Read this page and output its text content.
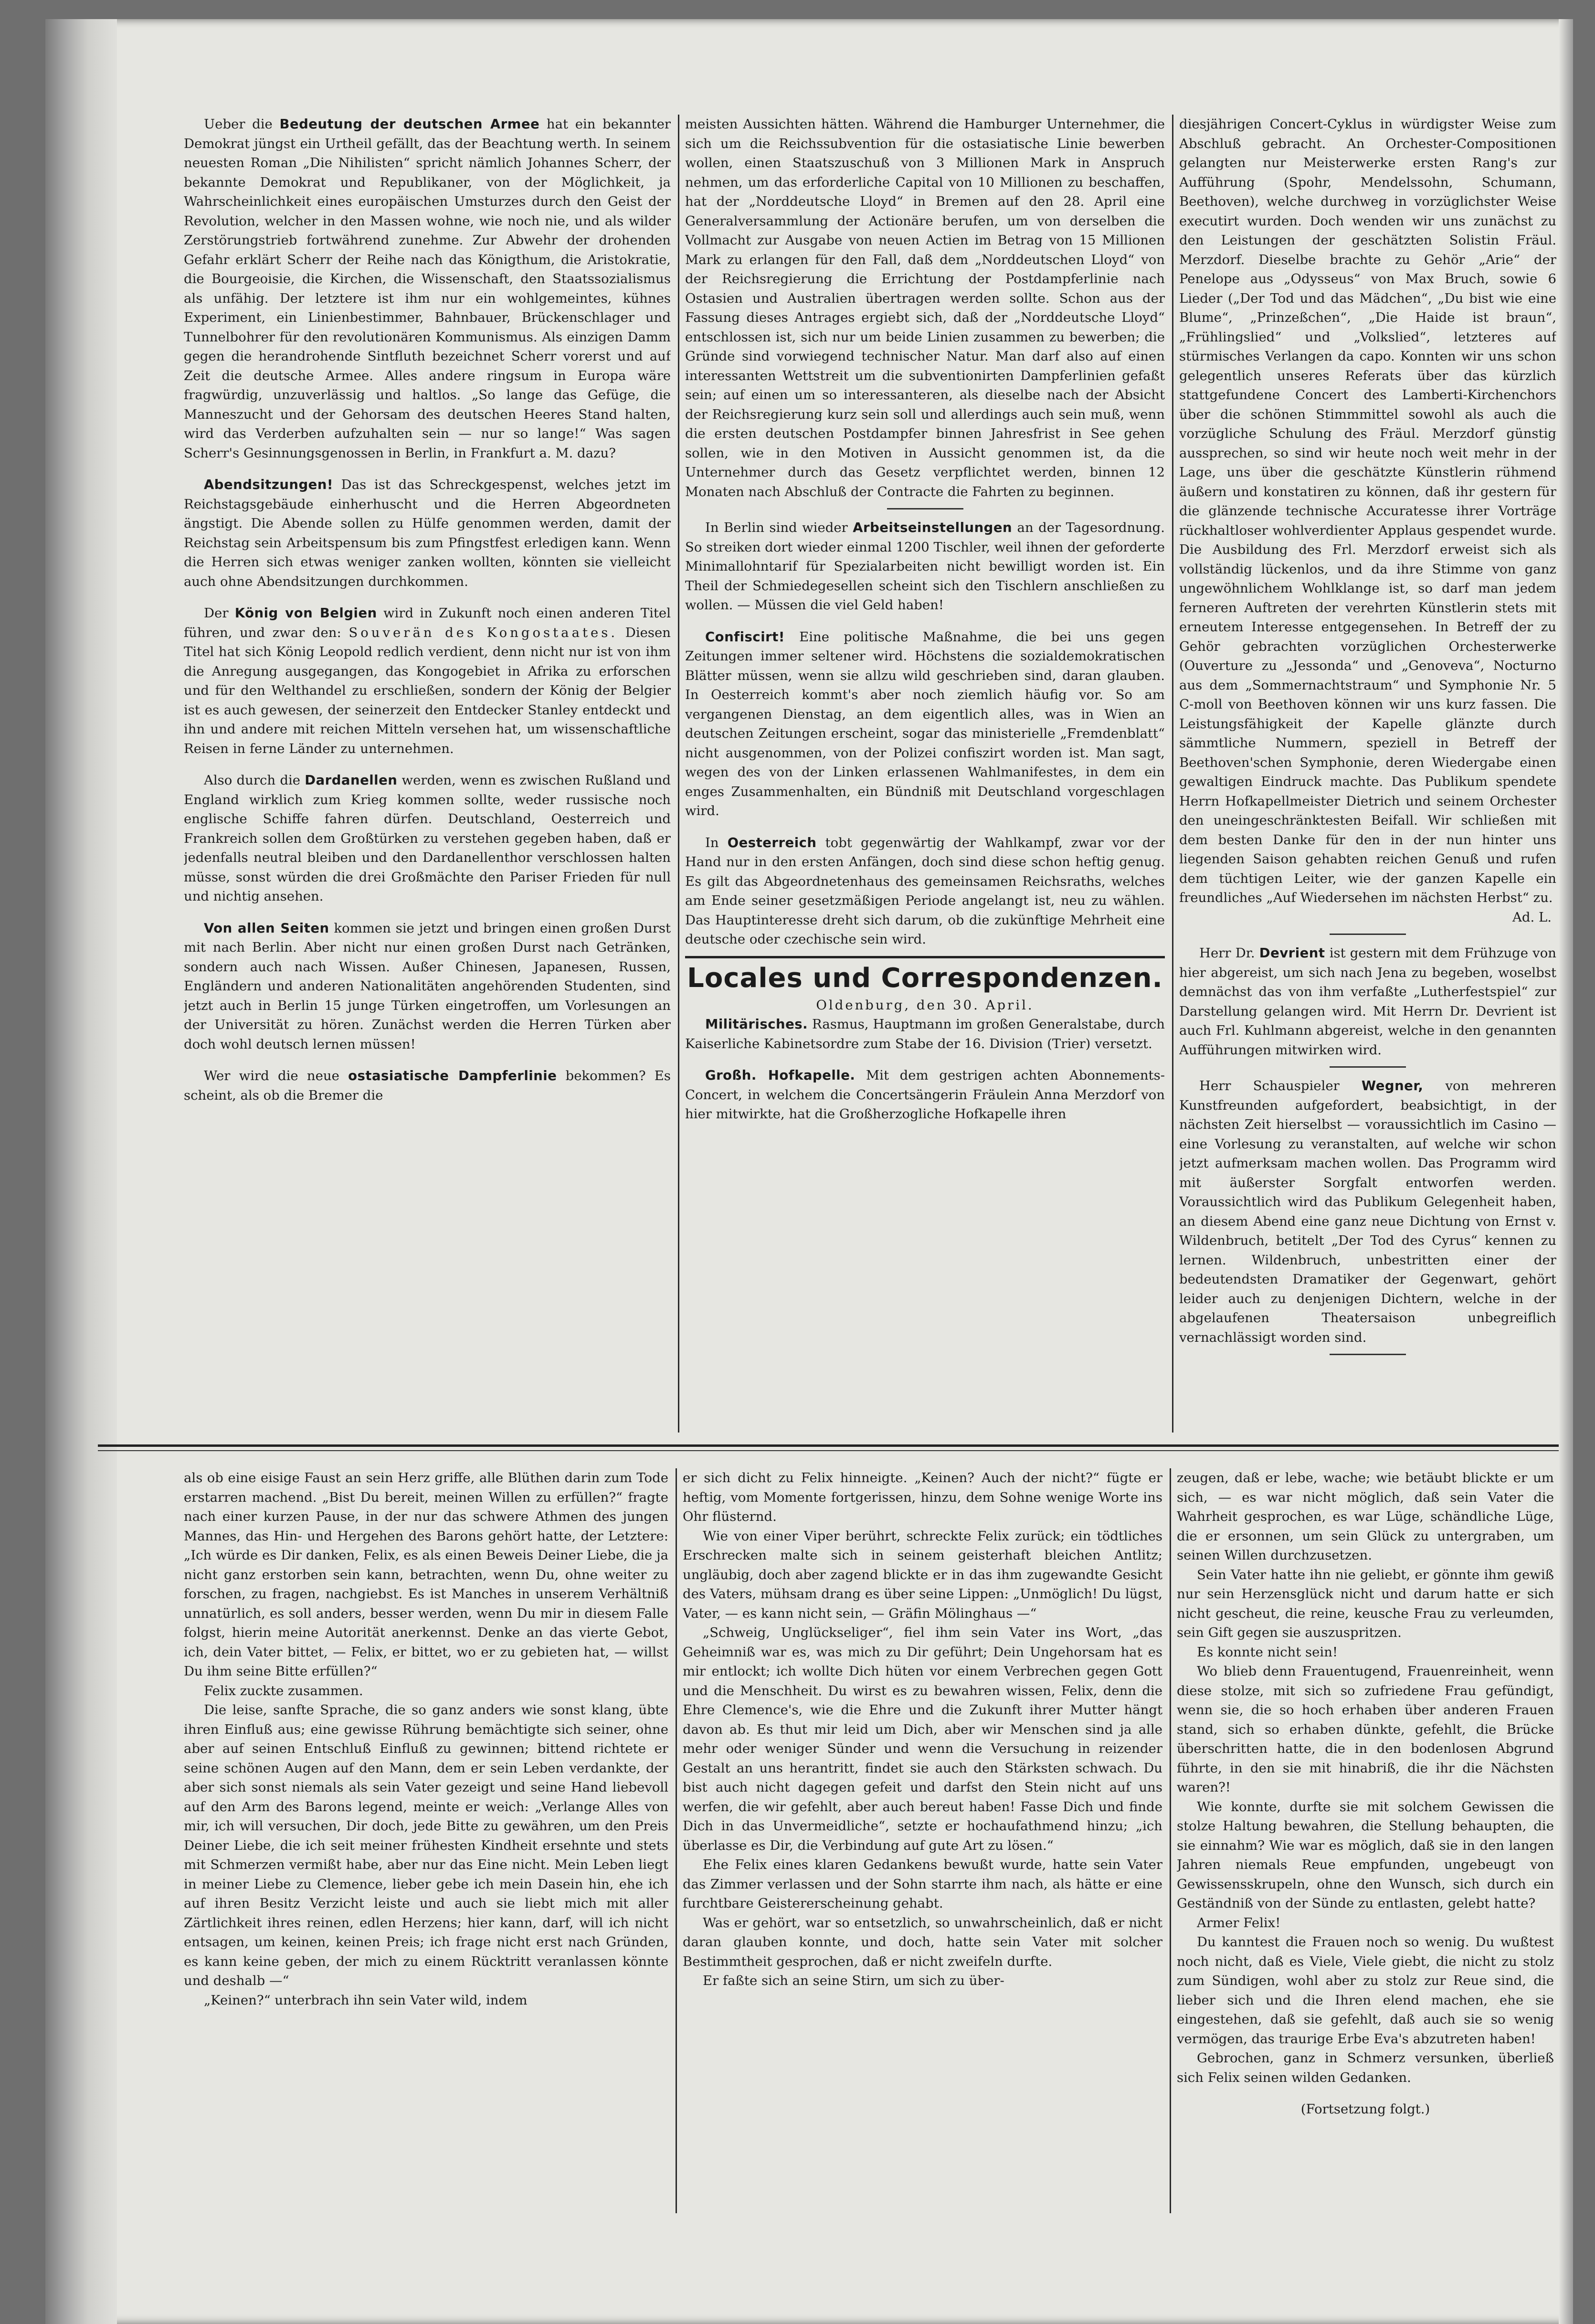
Ueber die Bedeutung der deutschen Armee hat ein bekannter Demokrat jüngst ein Urtheil gefällt, das der Beachtung werth. In seinem neuesten Roman „Die Nihilisten“ spricht nämlich Johannes Scherr, der bekannte Demokrat und Republikaner, von der Möglichkeit, ja Wahrscheinlichkeit eines europäischen Umsturzes durch den Geist der Revolution, welcher in den Massen wohne, wie noch nie, und als wilder Zerstörungstrieb fortwährend zunehme. Zur Abwehr der drohenden Gefahr erklärt Scherr der Reihe nach das Königthum, die Aristokratie, die Bourgeoisie, die Kirchen, die Wissenschaft, den Staatssozialismus als unfähig. Der letztere ist ihm nur ein wohlgemeintes, kühnes Experiment, ein Linienbestimmer, Bahnbauer, Brückenschlager und Tunnelbohrer für den revolutionären Kommunismus. Als einzigen Damm gegen die herandrohende Sintfluth bezeichnet Scherr vorerst und auf Zeit die deutsche Armee. Alles andere ringsum in Europa wäre fragwürdig, unzuverlässig und haltlos. „So lange das Gefüge, die Manneszucht und der Gehorsam des deutschen Heeres Stand halten, wird das Verderben aufzuhalten sein — nur so lange!“ Was sagen Scherr's Gesinnungsgenossen in Berlin, in Frankfurt a. M. dazu?

Abendsitzungen! Das ist das Schreckgespenst, welches jetzt im Reichstagsgebäude einherhuscht und die Herren Abgeordneten ängstigt. Die Abende sollen zu Hülfe genommen werden, damit der Reichstag sein Arbeitspensum bis zum Pfingstfest erledigen kann. Wenn die Herren sich etwas weniger zanken wollten, könnten sie vielleicht auch ohne Abendsitzungen durchkommen.

Der König von Belgien wird in Zukunft noch einen anderen Titel führen, und zwar den: Souverän des Kongostaates. Diesen Titel hat sich König Leopold redlich verdient, denn nicht nur ist von ihm die Anregung ausgegangen, das Kongogebiet in Afrika zu erforschen und für den Welthandel zu erschließen, sondern der König der Belgier ist es auch gewesen, der seinerzeit den Entdecker Stanley entdeckt und ihn und andere mit reichen Mitteln versehen hat, um wissenschaftliche Reisen in ferne Länder zu unternehmen.

Also durch die Dardanellen werden, wenn es zwischen Rußland und England wirklich zum Krieg kommen sollte, weder russische noch englische Schiffe fahren dürfen. Deutschland, Oesterreich und Frankreich sollen dem Großtürken zu verstehen gegeben haben, daß er jedenfalls neutral bleiben und den Dardanellenthor verschlossen halten müsse, sonst würden die drei Großmächte den Pariser Frieden für null und nichtig ansehen.

Von allen Seiten kommen sie jetzt und bringen einen großen Durst mit nach Berlin. Aber nicht nur einen großen Durst nach Getränken, sondern auch nach Wissen. Außer Chinesen, Japanesen, Russen, Engländern und anderen Nationalitäten angehörenden Studenten, sind jetzt auch in Berlin 15 junge Türken eingetroffen, um Vorlesungen an der Universität zu hören. Zunächst werden die Herren Türken aber doch wohl deutsch lernen müssen!

Wer wird die neue ostasiatische Dampferlinie bekommen? Es scheint, als ob die Bremer die

meisten Aussichten hätten. Während die Hamburger Unternehmer, die sich um die Reichssubvention für die ostasiatische Linie bewerben wollen, einen Staatszuschuß von 3 Millionen Mark in Anspruch nehmen, um das erforderliche Capital von 10 Millionen zu beschaffen, hat der „Norddeutsche Lloyd“ in Bremen auf den 28. April eine Generalversammlung der Actionäre berufen, um von derselben die Vollmacht zur Ausgabe von neuen Actien im Betrag von 15 Millionen Mark zu erlangen für den Fall, daß dem „Norddeutschen Lloyd“ von der Reichsregierung die Errichtung der Postdampferlinie nach Ostasien und Australien übertragen werden sollte. Schon aus der Fassung dieses Antrages ergiebt sich, daß der „Norddeutsche Lloyd“ entschlossen ist, sich nur um beide Linien zusammen zu bewerben; die Gründe sind vorwiegend technischer Natur. Man darf also auf einen interessanten Wettstreit um die subventionirten Dampferlinien gefaßt sein; auf einen um so interessanteren, als dieselbe nach der Absicht der Reichsregierung kurz sein soll und allerdings auch sein muß, wenn die ersten deutschen Postdampfer binnen Jahresfrist in See gehen sollen, wie in den Motiven in Aussicht genommen ist, da die Unternehmer durch das Gesetz verpflichtet werden, binnen 12 Monaten nach Abschluß der Contracte die Fahrten zu beginnen.

In Berlin sind wieder Arbeitseinstellungen an der Tagesordnung. So streiken dort wieder einmal 1200 Tischler, weil ihnen der geforderte Minimallohntarif für Spezialarbeiten nicht bewilligt worden ist. Ein Theil der Schmiedegesellen scheint sich den Tischlern anschließen zu wollen. — Müssen die viel Geld haben!

Confiscirt! Eine politische Maßnahme, die bei uns gegen Zeitungen immer seltener wird. Höchstens die sozialdemokratischen Blätter müssen, wenn sie allzu wild geschrieben sind, daran glauben. In Oesterreich kommt's aber noch ziemlich häufig vor. So am vergangenen Dienstag, an dem eigentlich alles, was in Wien an deutschen Zeitungen erscheint, sogar das ministerielle „Fremdenblatt“ nicht ausgenommen, von der Polizei confiszirt worden ist. Man sagt, wegen des von der Linken erlassenen Wahlmanifestes, in dem ein enges Zusammenhalten, ein Bündniß mit Deutschland vorgeschlagen wird.

In Oesterreich tobt gegenwärtig der Wahlkampf, zwar vor der Hand nur in den ersten Anfängen, doch sind diese schon heftig genug. Es gilt das Abgeordnetenhaus des gemeinsamen Reichsraths, welches am Ende seiner gesetzmäßigen Periode angelangt ist, neu zu wählen. Das Hauptinteresse dreht sich darum, ob die zukünftige Mehrheit eine deutsche oder czechische sein wird.

Locales und Correspondenzen.
Oldenburg, den 30. April.

Militärisches. Rasmus, Hauptmann im großen Generalstabe, durch Kaiserliche Kabinetsordre zum Stabe der 16. Division (Trier) versetzt.

Großh. Hofkapelle. Mit dem gestrigen achten Abonnements-Concert, in welchem die Concertsängerin Fräulein Anna Merzdorf von hier mitwirkte, hat die Großherzogliche Hofkapelle ihren

diesjährigen Concert-Cyklus in würdigster Weise zum Abschluß gebracht. An Orchester-Compositionen gelangten nur Meisterwerke ersten Rang's zur Aufführung (Spohr, Mendelssohn, Schumann, Beethoven), welche durchweg in vorzüglichster Weise executirt wurden. Doch wenden wir uns zunächst zu den Leistungen der geschätzten Solistin Fräul. Merzdorf. Dieselbe brachte zu Gehör „Arie“ der Penelope aus „Odysseus“ von Max Bruch, sowie 6 Lieder („Der Tod und das Mädchen“, „Du bist wie eine Blume“, „Prinzeßchen“, „Die Haide ist braun“, „Frühlingslied“ und „Volkslied“, letzteres auf stürmisches Verlangen da capo. Konnten wir uns schon gelegentlich unseres Referats über das kürzlich stattgefundene Concert des Lamberti-Kirchenchors über die schönen Stimmmittel sowohl als auch die vorzügliche Schulung des Fräul. Merzdorf günstig aussprechen, so sind wir heute noch weit mehr in der Lage, uns über die geschätzte Künstlerin rühmend äußern und konstatiren zu können, daß ihr gestern für die glänzende technische Accuratesse ihrer Vorträge rückhaltloser wohlverdienter Applaus gespendet wurde. Die Ausbildung des Frl. Merzdorf erweist sich als vollständig lückenlos, und da ihre Stimme von ganz ungewöhnlichem Wohlklange ist, so darf man jedem ferneren Auftreten der verehrten Künstlerin stets mit erneutem Interesse entgegensehen. In Betreff der zu Gehör gebrachten vorzüglichen Orchesterwerke (Ouverture zu „Jessonda“ und „Genoveva“, Nocturno aus dem „Sommernachtstraum“ und Symphonie Nr. 5 C-moll von Beethoven können wir uns kurz fassen. Die Leistungsfähigkeit der Kapelle glänzte durch sämmtliche Nummern, speziell in Betreff der Beethoven'schen Symphonie, deren Wiedergabe einen gewaltigen Eindruck machte. Das Publikum spendete Herrn Hofkapellmeister Dietrich und seinem Orchester den uneingeschränktesten Beifall. Wir schließen mit dem besten Danke für den in der nun hinter uns liegenden Saison gehabten reichen Genuß und rufen dem tüchtigen Leiter, wie der ganzen Kapelle ein freundliches „Auf Wiedersehen im nächsten Herbst“ zu.

Ad. L.

Herr Dr. Devrient ist gestern mit dem Frühzuge von hier abgereist, um sich nach Jena zu begeben, woselbst demnächst das von ihm verfaßte „Lutherfestspiel“ zur Darstellung gelangen wird. Mit Herrn Dr. Devrient ist auch Frl. Kuhlmann abgereist, welche in den genannten Aufführungen mitwirken wird.

Herr Schauspieler Wegner, von mehreren Kunstfreunden aufgefordert, beabsichtigt, in der nächsten Zeit hierselbst — voraussichtlich im Casino — eine Vorlesung zu veranstalten, auf welche wir schon jetzt aufmerksam machen wollen. Das Programm wird mit äußerster Sorgfalt entworfen werden. Voraussichtlich wird das Publikum Gelegenheit haben, an diesem Abend eine ganz neue Dichtung von Ernst v. Wildenbruch, betitelt „Der Tod des Cyrus“ kennen zu lernen. Wildenbruch, unbestritten einer der bedeutendsten Dramatiker der Gegenwart, gehört leider auch zu denjenigen Dichtern, welche in der abgelaufenen Theatersaison unbegreiflich vernachlässigt worden sind.

als ob eine eisige Faust an sein Herz griffe, alle Blüthen darin zum Tode erstarren machend. „Bist Du bereit, meinen Willen zu erfüllen?“ fragte nach einer kurzen Pause, in der nur das schwere Athmen des jungen Mannes, das Hin- und Hergehen des Barons gehört hatte, der Letztere: „Ich würde es Dir danken, Felix, es als einen Beweis Deiner Liebe, die ja nicht ganz erstorben sein kann, betrachten, wenn Du, ohne weiter zu forschen, zu fragen, nachgiebst. Es ist Manches in unserem Verhältniß unnatürlich, es soll anders, besser werden, wenn Du mir in diesem Falle folgst, hierin meine Autorität anerkennst. Denke an das vierte Gebot, ich, dein Vater bittet, — Felix, er bittet, wo er zu gebieten hat, — willst Du ihm seine Bitte erfüllen?“

Felix zuckte zusammen.

Die leise, sanfte Sprache, die so ganz anders wie sonst klang, übte ihren Einfluß aus; eine gewisse Rührung bemächtigte sich seiner, ohne aber auf seinen Entschluß Einfluß zu gewinnen; bittend richtete er seine schönen Augen auf den Mann, dem er sein Leben verdankte, der aber sich sonst niemals als sein Vater gezeigt und seine Hand liebevoll auf den Arm des Barons legend, meinte er weich: „Verlange Alles von mir, ich will versuchen, Dir doch, jede Bitte zu gewähren, um den Preis Deiner Liebe, die ich seit meiner frühesten Kindheit ersehnte und stets mit Schmerzen vermißt habe, aber nur das Eine nicht. Mein Leben liegt in meiner Liebe zu Clemence, lieber gebe ich mein Dasein hin, ehe ich auf ihren Besitz Verzicht leiste und auch sie liebt mich mit aller Zärtlichkeit ihres reinen, edlen Herzens; hier kann, darf, will ich nicht entsagen, um keinen, keinen Preis; ich frage nicht erst nach Gründen, es kann keine geben, der mich zu einem Rücktritt veranlassen könnte und deshalb —“

„Keinen?“ unterbrach ihn sein Vater wild, indem

er sich dicht zu Felix hinneigte. „Keinen? Auch der nicht?“ fügte er heftig, vom Momente fortgerissen, hinzu, dem Sohne wenige Worte ins Ohr flüsternd.

Wie von einer Viper berührt, schreckte Felix zurück; ein tödtliches Erschrecken malte sich in seinem geisterhaft bleichen Antlitz; ungläubig, doch aber zagend blickte er in das ihm zugewandte Gesicht des Vaters, mühsam drang es über seine Lippen: „Unmöglich! Du lügst, Vater, — es kann nicht sein, — Gräfin Mölinghaus —“

„Schweig, Unglückseliger“, fiel ihm sein Vater ins Wort, „das Geheimniß war es, was mich zu Dir geführt; Dein Ungehorsam hat es mir entlockt; ich wollte Dich hüten vor einem Verbrechen gegen Gott und die Menschheit. Du wirst es zu bewahren wissen, Felix, denn die Ehre Clemence's, wie die Ehre und die Zukunft ihrer Mutter hängt davon ab. Es thut mir leid um Dich, aber wir Menschen sind ja alle mehr oder weniger Sünder und wenn die Versuchung in reizender Gestalt an uns herantritt, findet sie auch den Stärksten schwach. Du bist auch nicht dagegen gefeit und darfst den Stein nicht auf uns werfen, die wir gefehlt, aber auch bereut haben! Fasse Dich und finde Dich in das Unvermeidliche“, setzte er hochaufathmend hinzu; „ich überlasse es Dir, die Verbindung auf gute Art zu lösen.“

Ehe Felix eines klaren Gedankens bewußt wurde, hatte sein Vater das Zimmer verlassen und der Sohn starrte ihm nach, als hätte er eine furchtbare Geistererscheinung gehabt.

Was er gehört, war so entsetzlich, so unwahrscheinlich, daß er nicht daran glauben konnte, und doch, hatte sein Vater mit solcher Bestimmtheit gesprochen, daß er nicht zweifeln durfte.

Er faßte sich an seine Stirn, um sich zu über-

zeugen, daß er lebe, wache; wie betäubt blickte er um sich, — es war nicht möglich, daß sein Vater die Wahrheit gesprochen, es war Lüge, schändliche Lüge, die er ersonnen, um sein Glück zu untergraben, um seinen Willen durchzusetzen.

Sein Vater hatte ihn nie geliebt, er gönnte ihm gewiß nur sein Herzensglück nicht und darum hatte er sich nicht gescheut, die reine, keusche Frau zu verleumden, sein Gift gegen sie auszuspritzen.

Es konnte nicht sein!

Wo blieb denn Frauentugend, Frauenreinheit, wenn diese stolze, mit sich so zufriedene Frau gefündigt, wenn sie, die so hoch erhaben über anderen Frauen stand, sich so erhaben dünkte, gefehlt, die Brücke überschritten hatte, die in den bodenlosen Abgrund führte, in den sie mit hinabriß, die ihr die Nächsten waren?!

Wie konnte, durfte sie mit solchem Gewissen die stolze Haltung bewahren, die Stellung behaupten, die sie einnahm? Wie war es möglich, daß sie in den langen Jahren niemals Reue empfunden, ungebeugt von Gewissensskrupeln, ohne den Wunsch, sich durch ein Geständniß von der Sünde zu entlasten, gelebt hatte?

Armer Felix!

Du kanntest die Frauen noch so wenig. Du wußtest noch nicht, daß es Viele, Viele giebt, die nicht zu stolz zum Sündigen, wohl aber zu stolz zur Reue sind, die lieber sich und die Ihren elend machen, ehe sie eingestehen, daß sie gefehlt, daß auch sie so wenig vermögen, das traurige Erbe Eva's abzutreten haben!

Gebrochen, ganz in Schmerz versunken, überließ sich Felix seinen wilden Gedanken.

(Fortsetzung folgt.)
